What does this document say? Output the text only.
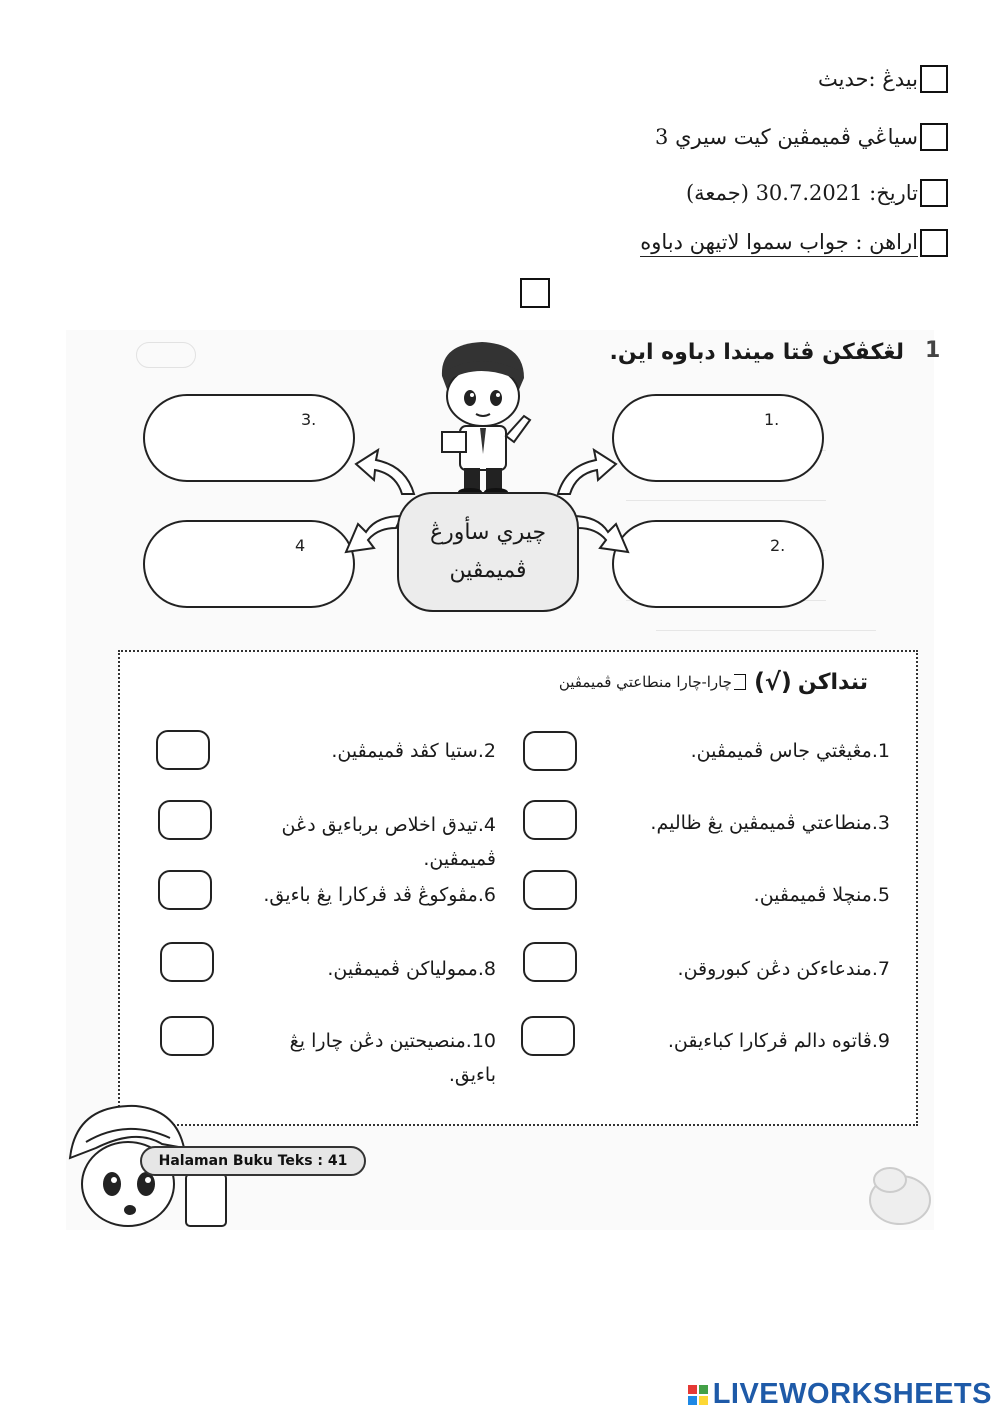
بيدڠ :حديث
سياڠي ڤميمڤين كيت سيري 3
تاريخ: 30.7.2021 (جمعة)
اراهن : جواب سموا لاتيهن دباوه
1
لڠكڤكن ڤتا ميندا دباوه اين.
1.
2.
3.
4
چيري سأورڠ
ڤميمڤين
تنداكن
(√)
چارا-چارا منطاعتي ڤميمڤين
1.مڠيڠتي جاس ڤميمڤين.
3.منطاعتي ڤميمڤين يڠ ظاليم.
5.منچلا ڤميمڤين.
7.مندعاءكن دڠن كبوروقن.
9.ڤاتوه دالم ڤركارا كباءيقن.
2.ستيا كڤد ڤميمڤين.
4.تيدق اخلاص برباءيق دڠن
ڤميمڤين.
6.مڤوكوڠ ڤد ڤركارا يڠ باءيق.
8.ممولياكن ڤميمڤين.
10.منصيحتين دڠن چارا يڠ
باءيق.
Halaman Buku Teks : 41
LIVEWORKSHEETS
